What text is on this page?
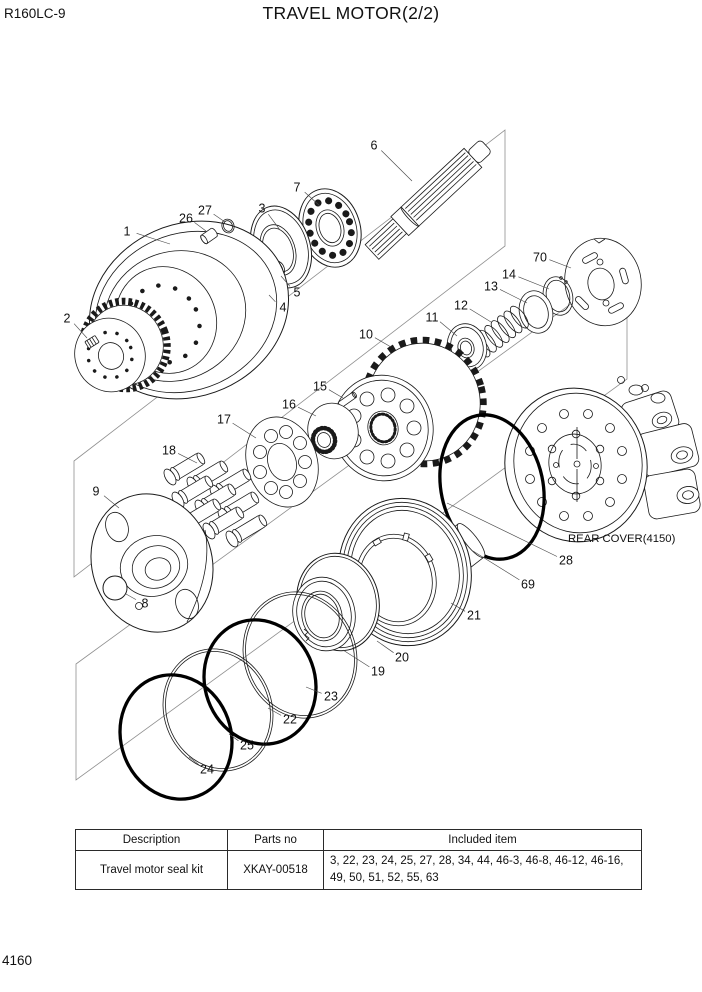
R160LC-9	TRAVEL MOTOR(2/2)
REAR COVER(4150)
1
2
26
27	3
7
6
5
4
70
14
13
12
11
10
15
16
17
18
9
8
28
69
21
20
19
23
22
25
24
Description	Parts no	Included item
Travel motor seal kit	XKAY-00518	3, 22, 23, 24, 25, 27, 28, 34, 44, 46-3, 46-8, 46-12, 46-16, 49, 50, 51, 52, 55, 63
4160
